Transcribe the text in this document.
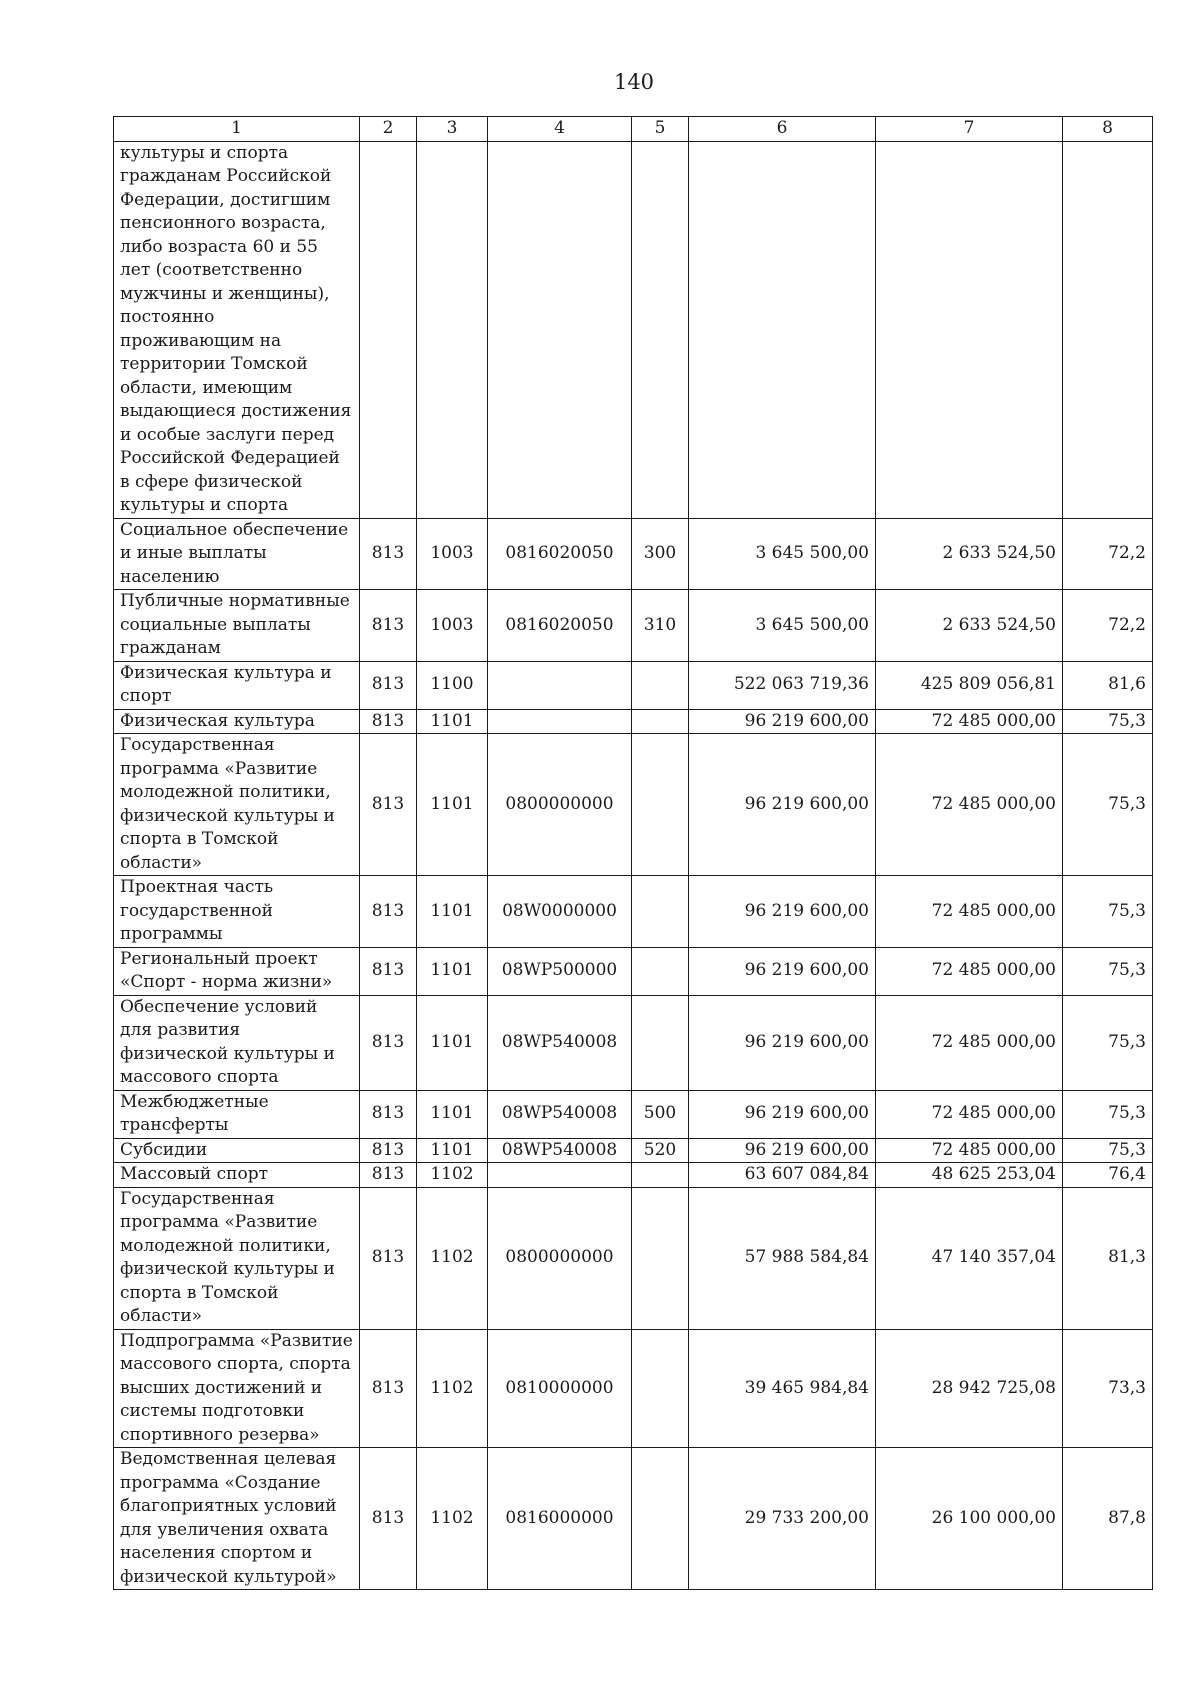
140
1	2	3	4	5	6	7	8
культуры и спорта гражданам Российской Федерации, достигшим пенсионного возраста, либо возраста 60 и 55 лет (соответственно мужчины и женщины), постоянно проживающим на территории Томской области, имеющим выдающиеся достижения и особые заслуги перед Российской Федерацией в сфере физической культуры и спорта							
Социальное обеспечение и иные выплаты населению	813	1003	0816020050	300	3 645 500,00	2 633 524,50	72,2
Публичные нормативные социальные выплаты гражданам	813	1003	0816020050	310	3 645 500,00	2 633 524,50	72,2
Физическая культура и спорт	813	1100			522 063 719,36	425 809 056,81	81,6
Физическая культура	813	1101			96 219 600,00	72 485 000,00	75,3
Государственная программа «Развитие молодежной политики, физической культуры и спорта в Томской области»	813	1101	0800000000		96 219 600,00	72 485 000,00	75,3
Проектная часть государственной программы	813	1101	08W0000000		96 219 600,00	72 485 000,00	75,3
Региональный проект «Спорт - норма жизни»	813	1101	08WP500000		96 219 600,00	72 485 000,00	75,3
Обеспечение условий для развития физической культуры и массового спорта	813	1101	08WP540008		96 219 600,00	72 485 000,00	75,3
Межбюджетные трансферты	813	1101	08WP540008	500	96 219 600,00	72 485 000,00	75,3
Субсидии	813	1101	08WP540008	520	96 219 600,00	72 485 000,00	75,3
Массовый спорт	813	1102			63 607 084,84	48 625 253,04	76,4
Государственная программа «Развитие молодежной политики, физической культуры и спорта в Томской области»	813	1102	0800000000		57 988 584,84	47 140 357,04	81,3
Подпрограмма «Развитие массового спорта, спорта высших достижений и системы подготовки спортивного резерва»	813	1102	0810000000		39 465 984,84	28 942 725,08	73,3
Ведомственная целевая программа «Создание благоприятных условий для увеличения охвата населения спортом и физической культурой»	813	1102	0816000000		29 733 200,00	26 100 000,00	87,8
